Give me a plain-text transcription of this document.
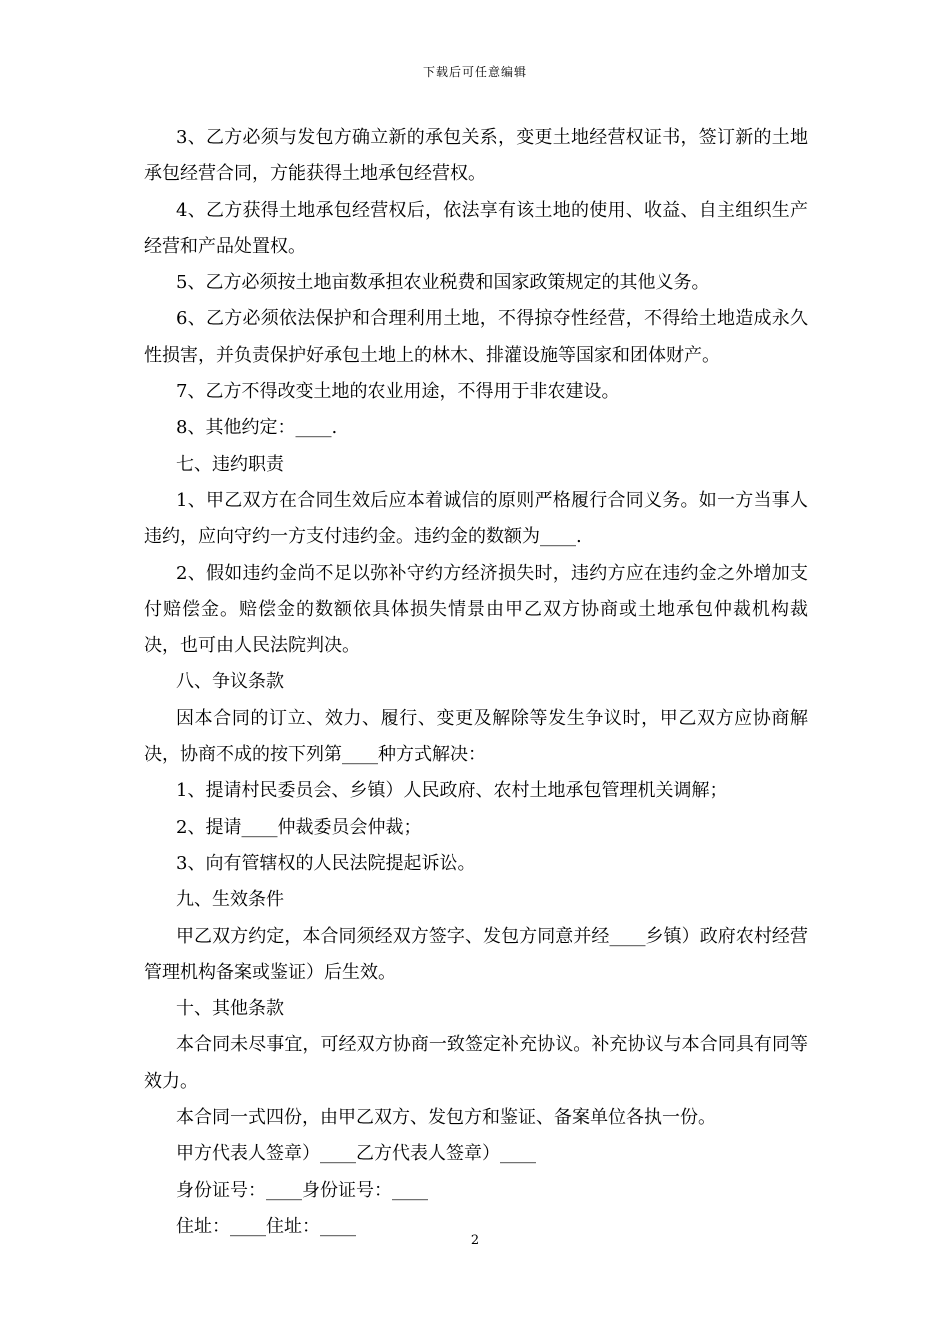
下载后可任意编辑

3、乙方必须与发包方确立新的承包关系，变更土地经营权证书，签订新的土地承包经营合同，方能获得土地承包经营权。

4、乙方获得土地承包经营权后，依法享有该土地的使用、收益、自主组织生产经营和产品处置权。

5、乙方必须按土地亩数承担农业税费和国家政策规定的其他义务。

6、乙方必须依法保护和合理利用土地，不得掠夺性经营，不得给土地造成永久性损害，并负责保护好承包土地上的林木、排灌设施等国家和团体财产。

7、乙方不得改变土地的农业用途，不得用于非农建设。

8、其他约定：____.

七、违约职责

1、甲乙双方在合同生效后应本着诚信的原则严格履行合同义务。如一方当事人违约，应向守约一方支付违约金。违约金的数额为____.

2、假如违约金尚不足以弥补守约方经济损失时，违约方应在违约金之外增加支付赔偿金。赔偿金的数额依具体损失情景由甲乙双方协商或土地承包仲裁机构裁决，也可由人民法院判决。

八、争议条款

因本合同的订立、效力、履行、变更及解除等发生争议时，甲乙双方应协商解决，协商不成的按下列第____种方式解决：

1、提请村民委员会、乡镇）人民政府、农村土地承包管理机关调解；

2、提请____仲裁委员会仲裁；

3、向有管辖权的人民法院提起诉讼。

九、生效条件

甲乙双方约定，本合同须经双方签字、发包方同意并经____乡镇）政府农村经营管理机构备案或鉴证）后生效。

十、其他条款

本合同未尽事宜，可经双方协商一致签定补充协议。补充协议与本合同具有同等效力。

本合同一式四份，由甲乙双方、发包方和鉴证、备案单位各执一份。

甲方代表人签章）____乙方代表人签章）____

身份证号：____身份证号：____

住址：____住址：____

2
